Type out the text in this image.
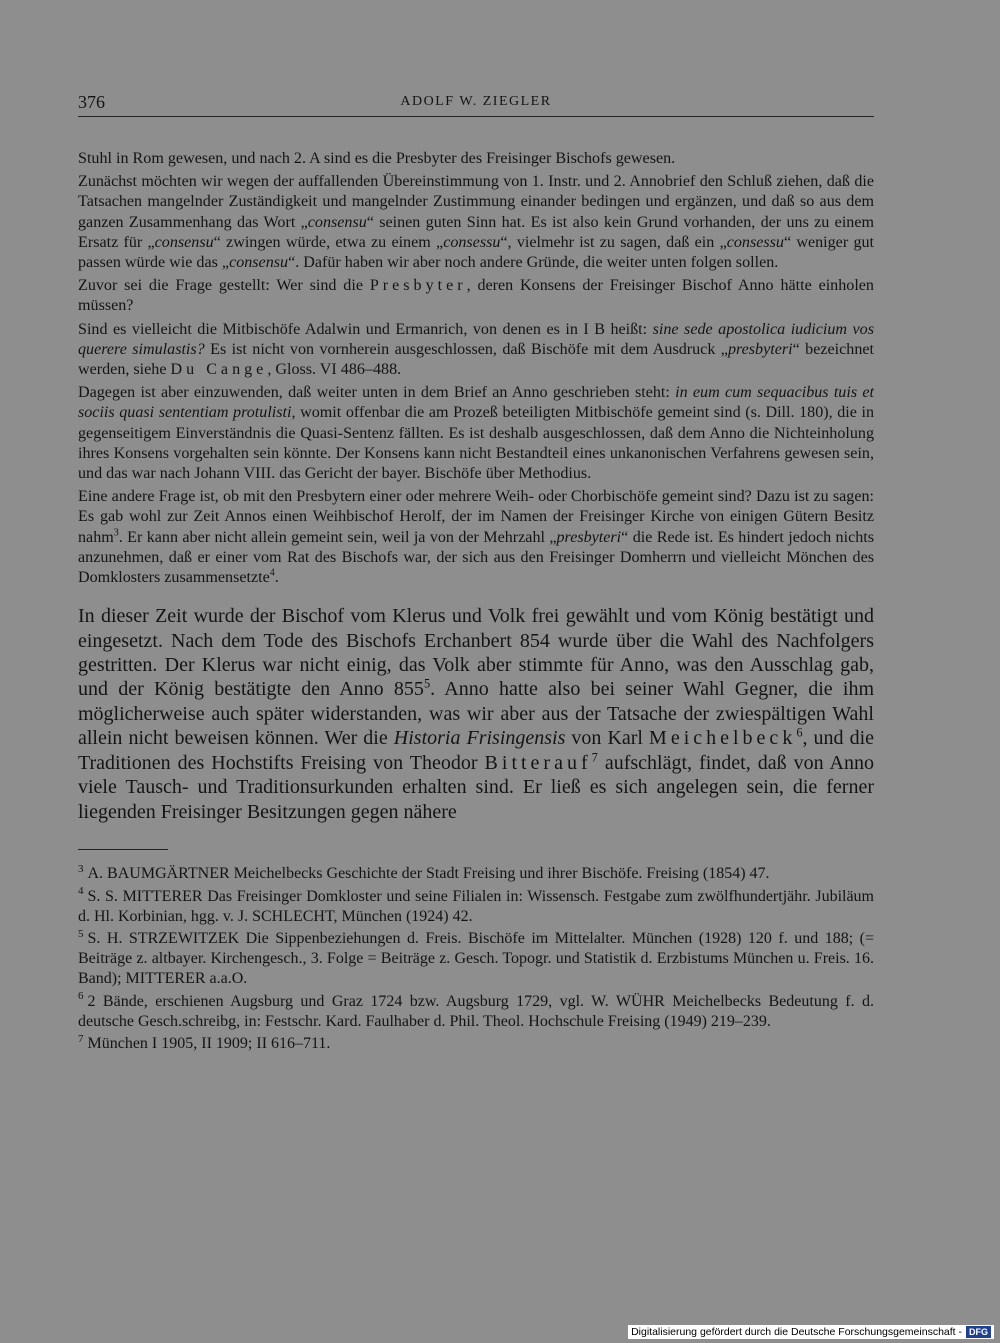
376	ADOLF W. ZIEGLER

Stuhl in Rom gewesen, und nach 2. A sind es die Presbyter des Freisinger Bischofs gewesen.

Zunächst möchten wir wegen der auffallenden Übereinstimmung von 1. Instr. und 2. Annobrief den Schluß ziehen, daß die Tatsachen mangelnder Zuständigkeit und mangelnder Zustimmung einander bedingen und ergänzen, und daß so aus dem ganzen Zusammenhang das Wort „consensu“ seinen guten Sinn hat. Es ist also kein Grund vorhanden, der uns zu einem Ersatz für „consensu“ zwingen würde, etwa zu einem „consessu“, vielmehr ist zu sagen, daß ein „consessu“ weniger gut passen würde wie das „consensu“. Dafür haben wir aber noch andere Gründe, die weiter unten folgen sollen.

Zuvor sei die Frage gestellt: Wer sind die Presbyter, deren Konsens der Freisinger Bischof Anno hätte einholen müssen?

Sind es vielleicht die Mitbischöfe Adalwin und Ermanrich, von denen es in I B heißt: sine sede apostolica iudicium vos querere simulastis? Es ist nicht von vornherein ausgeschlossen, daß Bischöfe mit dem Ausdruck „presbyteri“ bezeichnet werden, siehe Du Cange, Gloss. VI 486–488.

Dagegen ist aber einzuwenden, daß weiter unten in dem Brief an Anno geschrieben steht: in eum cum sequacibus tuis et sociis quasi sententiam protulisti, womit offenbar die am Prozeß beteiligten Mitbischöfe gemeint sind (s. Dill. 180), die in gegenseitigem Einverständnis die Quasi-Sentenz fällten. Es ist deshalb ausgeschlossen, daß dem Anno die Nichteinholung ihres Konsens vorgehalten sein könnte. Der Konsens kann nicht Bestandteil eines unkanonischen Verfahrens gewesen sein, und das war nach Johann VIII. das Gericht der bayer. Bischöfe über Methodius.

Eine andere Frage ist, ob mit den Presbytern einer oder mehrere Weih- oder Chorbischöfe gemeint sind? Dazu ist zu sagen: Es gab wohl zur Zeit Annos einen Weihbischof Herolf, der im Namen der Freisinger Kirche von einigen Gütern Besitz nahm$^3$. Er kann aber nicht allein gemeint sein, weil ja von der Mehrzahl „presbyteri“ die Rede ist. Es hindert jedoch nichts anzunehmen, daß er einer vom Rat des Bischofs war, der sich aus den Freisinger Domherrn und vielleicht Mönchen des Domklosters zusammensetzte$^4$.

In dieser Zeit wurde der Bischof vom Klerus und Volk frei gewählt und vom König bestätigt und eingesetzt. Nach dem Tode des Bischofs Erchanbert 854 wurde über die Wahl des Nachfolgers gestritten. Der Klerus war nicht einig, das Volk aber stimmte für Anno, was den Ausschlag gab, und der König bestätigte den Anno $855^5$. Anno hatte also bei seiner Wahl Gegner, die ihm möglicherweise auch später widerstanden, was wir aber aus der Tatsache der zwiespältigen Wahl allein nicht beweisen können. Wer die Historia Frisingensis von Karl Meichelbeck$^6$, und die Traditionen des Hochstifts Freising von Theodor Bitterauf$^7$ aufschlägt, findet, daß von Anno viele Tausch- und Traditionsurkunden erhalten sind. Er ließ es sich angelegen sein, die ferner liegenden Freisinger Besitzungen gegen nähere

$^3$ A. BAUMGÄRTNER Meichelbecks Geschichte der Stadt Freising und ihrer Bischöfe. Freising (1854) 47.

$^4$ S. S. MITTERER Das Freisinger Domkloster und seine Filialen in: Wissensch. Festgabe zum zwölfhundertjähr. Jubiläum d. Hl. Korbinian, hgg. v. J. SCHLECHT, München (1924) 42.

$^5$ S. H. STRZEWITZEK Die Sippenbeziehungen d. Freis. Bischöfe im Mittelalter. München (1928) 120 f. und 188; (= Beiträge z. altbayer. Kirchengesch., 3. Folge = Beiträge z. Gesch. Topogr. und Statistik d. Erzbistums München u. Freis. 16. Band); MITTERER a.a.O.

$^6$ 2 Bände, erschienen Augsburg und Graz 1724 bzw. Augsburg 1729, vgl. W. WÜHR Meichelbecks Bedeutung f. d. deutsche Gesch.schreibg, in: Festschr. Kard. Faulhaber d. Phil. Theol. Hochschule Freising (1949) 219–239.

$^7$ München I 1905, II 1909; II 616–711.

Digitalisierung gefördert durch die Deutsche Forschungsgemeinschaft - DFG
